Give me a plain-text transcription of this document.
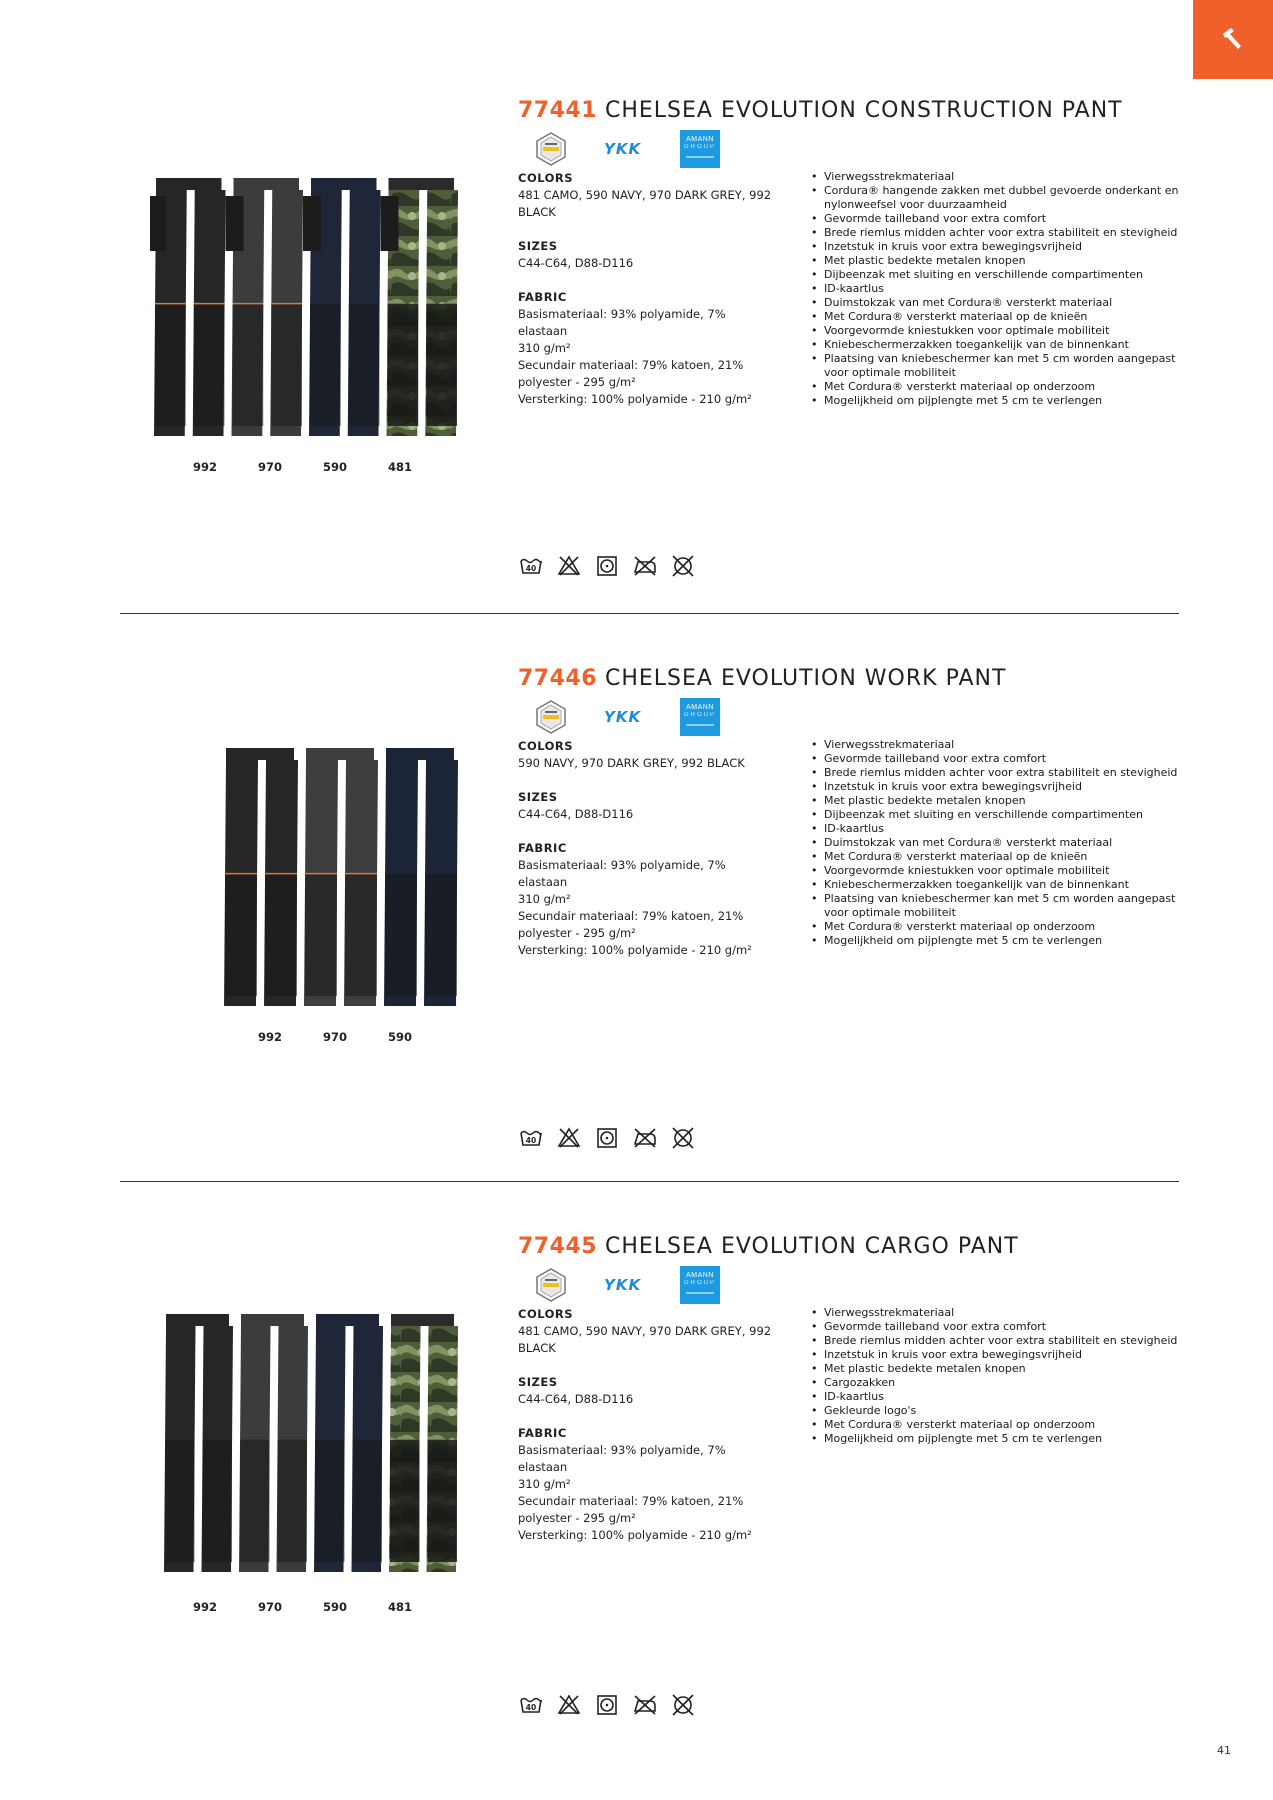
77441 CHELSEA EVOLUTION CONSTRUCTION PANT
YKK
AMANN
GROUP
COLORS
481 CAMO, 590 NAVY, 970 DARK GREY, 992
BLACK
SIZES
C44-C64, D88-D116
FABRIC
Basismateriaal: 93% polyamide, 7% elastaan
310 g/m²
Secundair materiaal: 79% katoen, 21%
polyester - 295 g/m²
Versterking: 100% polyamide - 210 g/m²
• Vierwegsstrekmateriaal
• Cordura® hangende zakken met dubbel gevoerde onderkant en
nylonweefsel voor duurzaamheid
• Gevormde tailleband voor extra comfort
• Brede riemlus midden achter voor extra stabiliteit en stevigheid
• Inzetstuk in kruis voor extra bewegingsvrijheid
• Met plastic bedekte metalen knopen
• Dijbeenzak met sluiting en verschillende compartimenten
• ID-kaartlus
• Duimstokzak van met Cordura® versterkt materiaal
• Met Cordura® versterkt materiaal op de knieën
• Voorgevormde kniestukken voor optimale mobiliteit
• Kniebeschermerzakken toegankelijk van de binnenkant
• Plaatsing van kniebeschermer kan met 5 cm worden aangepast
voor optimale mobiliteit
• Met Cordura® versterkt materiaal op onderzoom
• Mogelijkheid om pijplengte met 5 cm te verlengen
992	970	590	481
40
77446 CHELSEA EVOLUTION WORK PANT
YKK
AMANN
GROUP
COLORS
590 NAVY, 970 DARK GREY, 992 BLACK
SIZES
C44-C64, D88-D116
FABRIC
Basismateriaal: 93% polyamide, 7% elastaan
310 g/m²
Secundair materiaal: 79% katoen, 21%
polyester - 295 g/m²
Versterking: 100% polyamide - 210 g/m²
• Vierwegsstrekmateriaal
• Gevormde tailleband voor extra comfort
• Brede riemlus midden achter voor extra stabiliteit en stevigheid
• Inzetstuk in kruis voor extra bewegingsvrijheid
• Met plastic bedekte metalen knopen
• Dijbeenzak met sluiting en verschillende compartimenten
• ID-kaartlus
• Duimstokzak van met Cordura® versterkt materiaal
• Met Cordura® versterkt materiaal op de knieën
• Voorgevormde kniestukken voor optimale mobiliteit
• Kniebeschermerzakken toegankelijk van de binnenkant
• Plaatsing van kniebeschermer kan met 5 cm worden aangepast
voor optimale mobiliteit
• Met Cordura® versterkt materiaal op onderzoom
• Mogelijkheid om pijplengte met 5 cm te verlengen
992	970	590
40
77445 CHELSEA EVOLUTION CARGO PANT
YKK
AMANN
GROUP
COLORS
481 CAMO, 590 NAVY, 970 DARK GREY, 992
BLACK
SIZES
C44-C64, D88-D116
FABRIC
Basismateriaal: 93% polyamide, 7% elastaan
310 g/m²
Secundair materiaal: 79% katoen, 21%
polyester - 295 g/m²
Versterking: 100% polyamide - 210 g/m²
• Vierwegsstrekmateriaal
• Gevormde tailleband voor extra comfort
• Brede riemlus midden achter voor extra stabiliteit en stevigheid
• Inzetstuk in kruis voor extra bewegingsvrijheid
• Met plastic bedekte metalen knopen
• Cargozakken
• ID-kaartlus
• Gekleurde logo's
• Met Cordura® versterkt materiaal op onderzoom
• Mogelijkheid om pijplengte met 5 cm te verlengen
992	970	590	481
40
41
